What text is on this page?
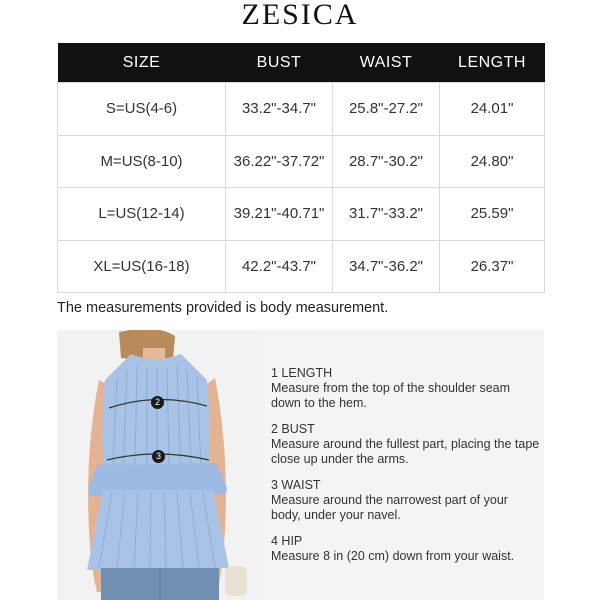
ZESICA
SIZE	BUST	WAIST	LENGTH
S=US(4-6)	33.2"-34.7"	25.8"-27.2"	24.01"
M=US(8-10)	36.22"-37.72"	28.7"-30.2"	24.80"
L=US(12-14)	39.21"-40.71"	31.7"-33.2"	25.59"
XL=US(16-18)	42.2"-43.7"	34.7"-36.2"	26.37"
The measurements provided is body measurement.
2
3
1 LENGTH
Measure from the top of the shoulder seam down to the hem.
2 BUST
Measure around the fullest part, placing the tape close up under the arms.
3 WAIST
Measure around the narrowest part of your body, under your navel.
4 HIP
Measure 8 in (20 cm) down from your waist.
